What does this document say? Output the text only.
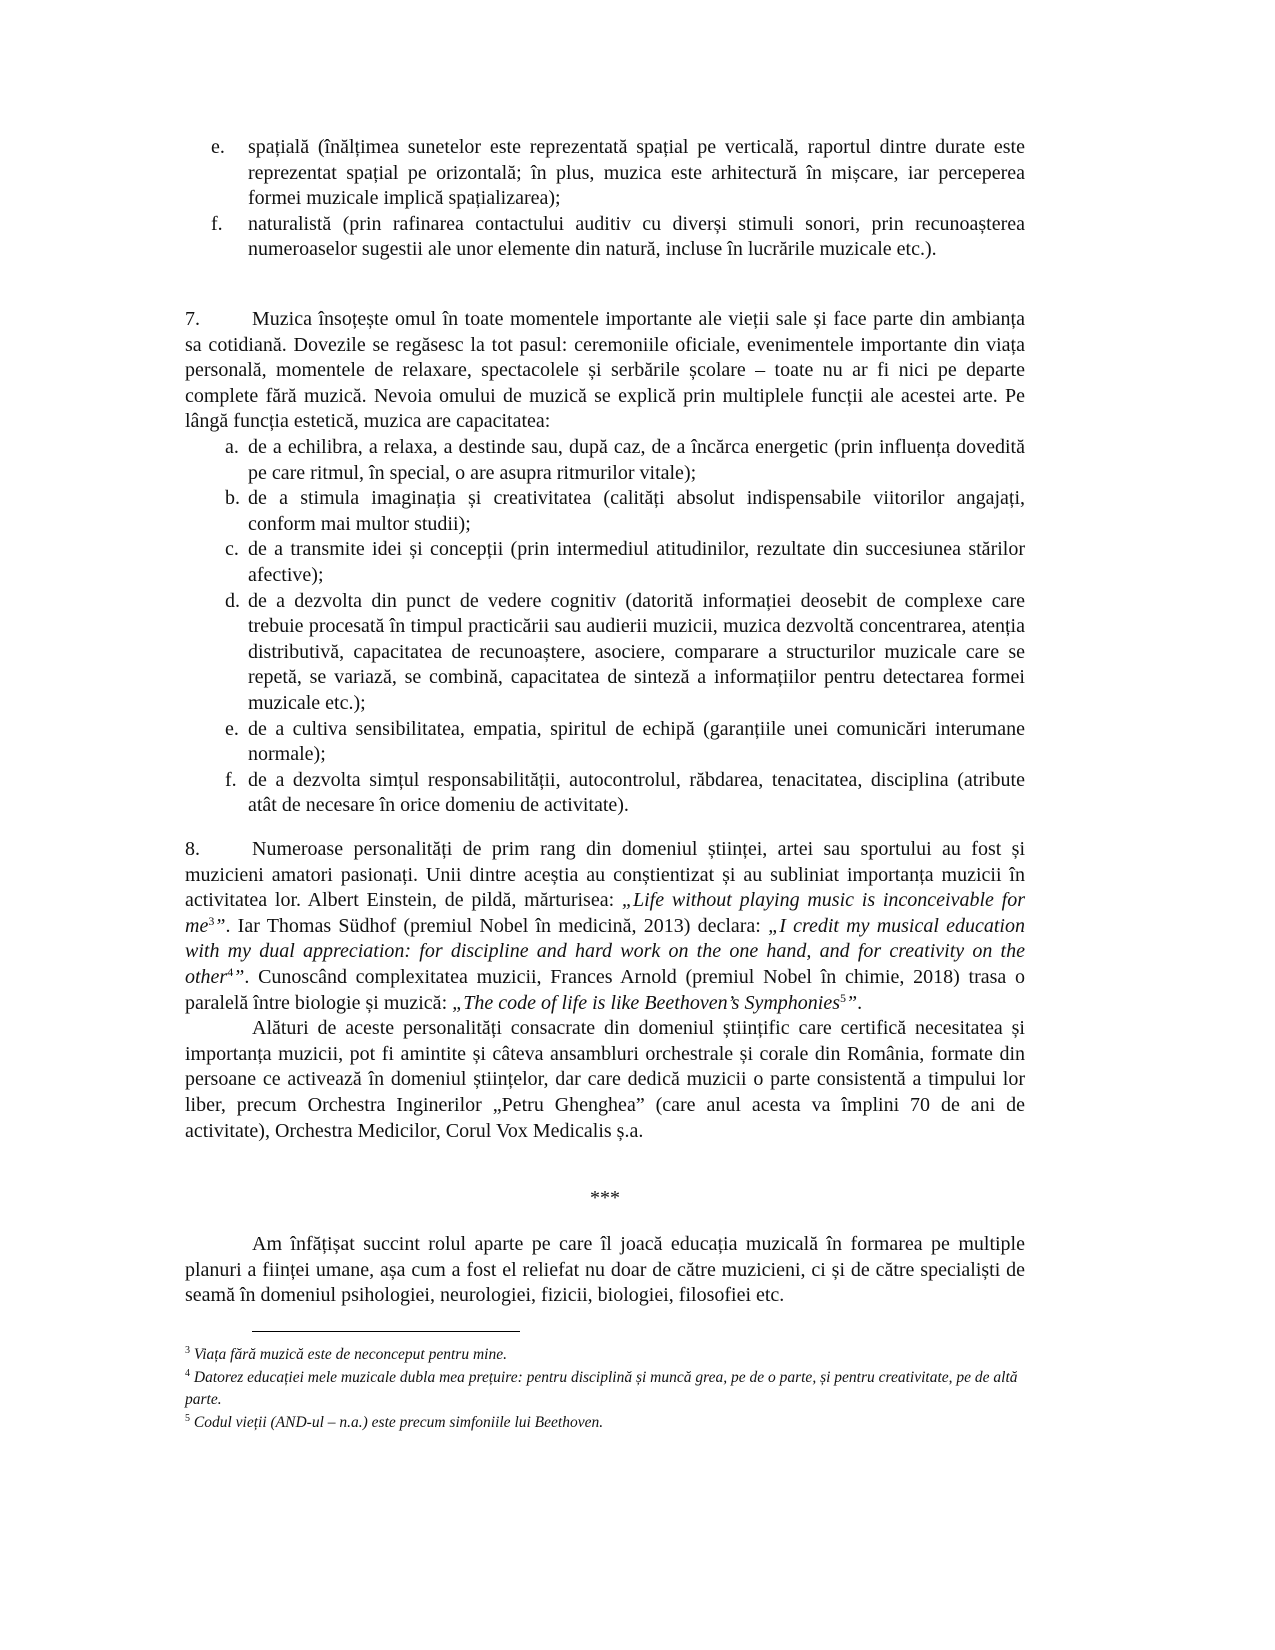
e. spațială (înălțimea sunetelor este reprezentată spațial pe verticală, raportul dintre durate este reprezentat spațial pe orizontală; în plus, muzica este arhitectură în mișcare, iar perceperea formei muzicale implică spațializarea);
f. naturalistă (prin rafinarea contactului auditiv cu diverși stimuli sonori, prin recunoașterea numeroaselor sugestii ale unor elemente din natură, incluse în lucrările muzicale etc.).

7.	Muzica însoțește omul în toate momentele importante ale vieții sale și face parte din ambianța sa cotidiană. Dovezile se regăsesc la tot pasul: ceremoniile oficiale, evenimentele importante din viața personală, momentele de relaxare, spectacolele și serbările școlare – toate nu ar fi nici pe departe complete fără muzică. Nevoia omului de muzică se explică prin multiplele funcții ale acestei arte. Pe lângă funcția estetică, muzica are capacitatea:

a. de a echilibra, a relaxa, a destinde sau, după caz, de a încărca energetic (prin influența dovedită pe care ritmul, în special, o are asupra ritmurilor vitale);
b. de a stimula imaginația și creativitatea (calități absolut indispensabile viitorilor angajați, conform mai multor studii);
c. de a transmite idei și concepții (prin intermediul atitudinilor, rezultate din succesiunea stărilor afective);
d. de a dezvolta din punct de vedere cognitiv (datorită informației deosebit de complexe care trebuie procesată în timpul practicării sau audierii muzicii, muzica dezvoltă concentrarea, atenția distributivă, capacitatea de recunoaștere, asociere, comparare a structurilor muzicale care se repetă, se variază, se combină, capacitatea de sinteză a informațiilor pentru detectarea formei muzicale etc.);
e. de a cultiva sensibilitatea, empatia, spiritul de echipă (garanțiile unei comunicări interumane normale);
f. de a dezvolta simțul responsabilității, autocontrolul, răbdarea, tenacitatea, disciplina (atribute atât de necesare în orice domeniu de activitate).

8.	Numeroase personalități de prim rang din domeniul științei, artei sau sportului au fost și muzicieni amatori pasionați. Unii dintre aceștia au conștientizat și au subliniat importanța muzicii în activitatea lor. Albert Einstein, de pildă, mărturisea: „Life without playing music is inconceivable for $me^3$”. Iar Thomas Südhof (premiul Nobel în medicină, 2013) declara: „I credit my musical education with my dual appreciation: for discipline and hard work on the one hand, and for creativity on the other$^4$”. Cunoscând complexitatea muzicii, Frances Arnold (premiul Nobel în chimie, 2018) trasa o paralelă între biologie și muzică: „The code of life is like Beethoven’s Symphonies$^5$”.

Alături de aceste personalități consacrate din domeniul științific care certifică necesitatea și importanța muzicii, pot fi amintite și câteva ansambluri orchestrale și corale din România, formate din persoane ce activează în domeniul științelor, dar care dedică muzicii o parte consistentă a timpului lor liber, precum Orchestra Inginerilor „Petru Ghenghea” (care anul acesta va împlini 70 de ani de activitate), Orchestra Medicilor, Corul Vox Medicalis ș.a.

***

Am înfățișat succint rolul aparte pe care îl joacă educația muzicală în formarea pe multiple planuri a ființei umane, așa cum a fost el reliefat nu doar de către muzicieni, ci și de către specialiști de seamă în domeniul psihologiei, neurologiei, fizicii, biologiei, filosofiei etc.

$^3$ Viața fără muzică este de neconceput pentru mine.
$^4$ Datorez educației mele muzicale dubla mea prețuire: pentru disciplină și muncă grea, pe de o parte, și pentru creativitate, pe de altă parte.
$^5$ Codul vieții (AND-ul – n.a.) este precum simfoniile lui Beethoven.
